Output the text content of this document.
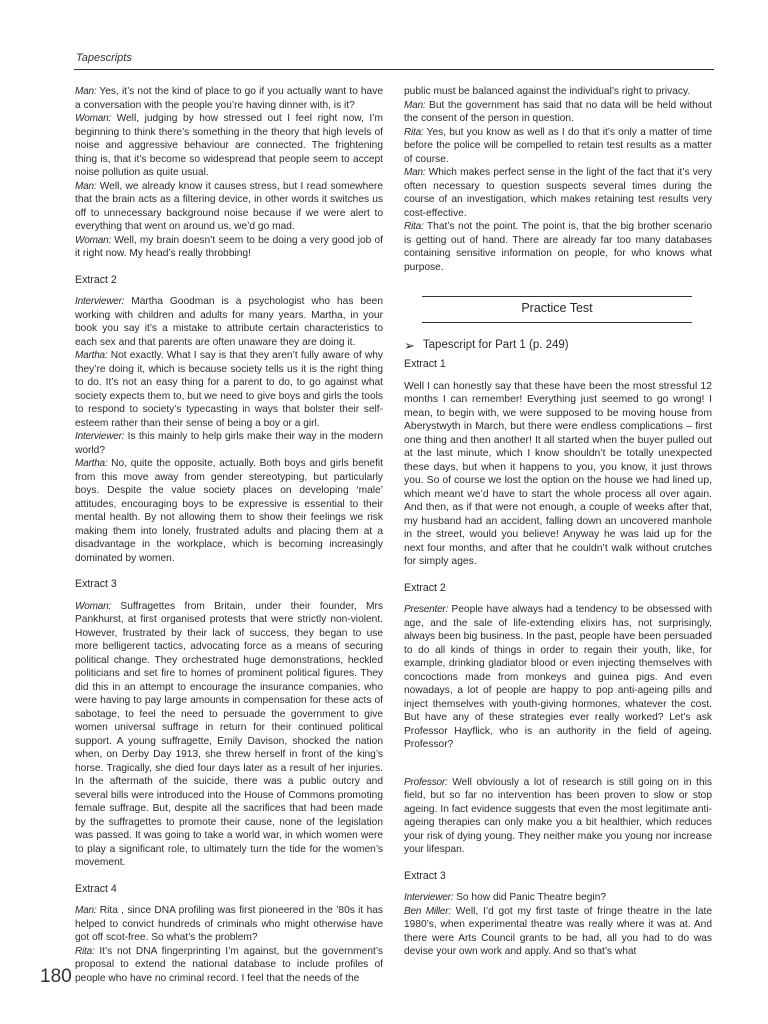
Tapescripts

Man: Yes, it’s not the kind of place to go if you actually want to have a conversation with the people you’re having dinner with, is it?

Woman: Well, judging by how stressed out I feel right now, I’m beginning to think there’s something in the theory that high levels of noise and aggressive behaviour are connected. The frightening thing is, that it’s become so widespread that people seem to accept noise pollution as quite usual.

Man: Well, we already know it causes stress, but I read somewhere that the brain acts as a filtering device, in other words it switches us off to unnecessary background noise because if we were alert to everything that went on around us, we’d go mad.

Woman: Well, my brain doesn’t seem to be doing a very good job of it right now. My head’s really throbbing!

Extract 2

Interviewer: Martha Goodman is a psychologist who has been working with children and adults for many years. Martha, in your book you say it’s a mistake to attribute certain characteristics to each sex and that parents are often unaware they are doing it.

Martha: Not exactly. What I say is that they aren’t fully aware of why they’re doing it, which is because society tells us it is the right thing to do. It’s not an easy thing for a parent to do, to go against what society expects them to, but we need to give boys and girls the tools to respond to society’s typecasting in ways that bolster their self-esteem rather than their sense of being a boy or a girl.

Interviewer: Is this mainly to help girls make their way in the modern world?

Martha: No, quite the opposite, actually. Both boys and girls benefit from this move away from gender stereotyping, but particularly boys. Despite the value society places on developing ‘male’ attitudes, encouraging boys to be expressive is essential to their mental health. By not allowing them to show their feelings we risk making them into lonely, frustrated adults and placing them at a disadvantage in the workplace, which is becoming increasingly dominated by women.

Extract 3

Woman: Suffragettes from Britain, under their founder, Mrs Pankhurst, at first organised protests that were strictly non-violent. However, frustrated by their lack of success, they began to use more belligerent tactics, advocating force as a means of securing political change. They orchestrated huge demonstrations, heckled politicians and set fire to homes of prominent political figures. They did this in an attempt to encourage the insurance companies, who were having to pay large amounts in compensation for these acts of sabotage, to feel the need to persuade the government to give women universal suffrage in return for their continued political support. A young suffragette, Emily Davison, shocked the nation when, on Derby Day 1913, she threw herself in front of the king’s horse. Tragically, she died four days later as a result of her injuries. In the aftermath of the suicide, there was a public outcry and several bills were introduced into the House of Commons promoting female suffrage. But, despite all the sacrifices that had been made by the suffragettes to promote their cause, none of the legislation was passed. It was going to take a world war, in which women were to play a significant role, to ultimately turn the tide for the women’s movement.

Extract 4

Man: Rita , since DNA profiling was first pioneered in the ’80s it has helped to convict hundreds of criminals who might otherwise have got off scot-free. So what’s the problem?

Rita: It’s not DNA fingerprinting I’m against, but the government’s proposal to extend the national database to include profiles of people who have no criminal record. I feel that the needs of the

public must be balanced against the individual’s right to privacy.

Man: But the government has said that no data will be held without the consent of the person in question.

Rita: Yes, but you know as well as I do that it’s only a matter of time before the police will be compelled to retain test results as a matter of course.

Man: Which makes perfect sense in the light of the fact that it’s very often necessary to question suspects several times during the course of an investigation, which makes retaining test results very cost-effective.

Rita: That’s not the point. The point is, that the big brother scenario is getting out of hand. There are already far too many databases containing sensitive information on people, for who knows what purpose.

Practice Test

➢ Tapescript for Part 1 (p. 249)

Extract 1

Well I can honestly say that these have been the most stressful 12 months I can remember! Everything just seemed to go wrong! I mean, to begin with, we were supposed to be moving house from Aberystwyth in March, but there were endless complications – first one thing and then another! It all started when the buyer pulled out at the last minute, which I know shouldn’t be totally unexpected these days, but when it happens to you, you know, it just throws you. So of course we lost the option on the house we had lined up, which meant we’d have to start the whole process all over again. And then, as if that were not enough, a couple of weeks after that, my husband had an accident, falling down an uncovered manhole in the street, would you believe! Anyway he was laid up for the next four months, and after that he couldn’t walk without crutches for simply ages.

Extract 2

Presenter: People have always had a tendency to be obsessed with age, and the sale of life-extending elixirs has, not surprisingly, always been big business. In the past, people have been persuaded to do all kinds of things in order to regain their youth, like, for example, drinking gladiator blood or even injecting themselves with concoctions made from monkeys and guinea pigs. And even nowadays, a lot of people are happy to pop anti-ageing pills and inject themselves with youth-giving hormones, whatever the cost. But have any of these strategies ever really worked? Let’s ask Professor Hayflick, who is an authority in the field of ageing. Professor?

Professor: Well obviously a lot of research is still going on in this field, but so far no intervention has been proven to slow or stop ageing. In fact evidence suggests that even the most legitimate anti-ageing therapies can only make you a bit healthier, which reduces your risk of dying young. They neither make you young nor increase your lifespan.

Extract 3

Interviewer: So how did Panic Theatre begin?

Ben Miller: Well, I’d got my first taste of fringe theatre in the late 1980’s, when experimental theatre was really where it was at. And there were Arts Council grants to be had, all you had to do was devise your own work and apply. And so that’s what

180
